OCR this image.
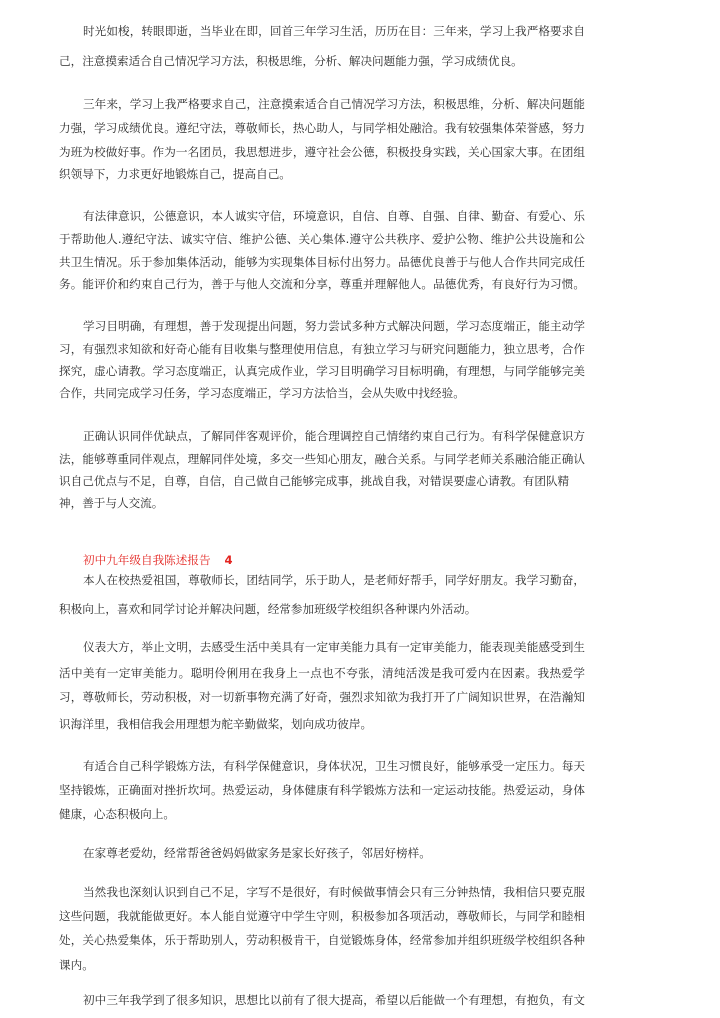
时光如梭，转眼即逝，当毕业在即，回首三年学习生活，历历在目：三年来，学习上我严格要求自
己，注意摸索适合自己情况学习方法，积极思维，分析、解决问题能力强，学习成绩优良。
三年来，学习上我严格要求自己，注意摸索适合自己情况学习方法，积极思维，分析、解决问题能
力强，学习成绩优良。遵纪守法，尊敬师长，热心助人，与同学相处融洽。我有较强集体荣誉感，努力
为班为校做好事。作为一名团员，我思想进步，遵守社会公德，积极投身实践，关心国家大事。在团组
织领导下，力求更好地锻炼自己，提高自己。
有法律意识，公德意识，本人诚实守信，环境意识，自信、自尊、自强、自律、勤奋、有爱心、乐
于帮助他人.遵纪守法、诚实守信、维护公德、关心集体.遵守公共秩序、爱护公物、维护公共设施和公
共卫生情况。乐于参加集体活动，能够为实现集体目标付出努力。品德优良善于与他人合作共同完成任
务。能评价和约束自己行为，善于与他人交流和分享，尊重并理解他人。品德优秀，有良好行为习惯。
学习目明确，有理想，善于发现提出问题，努力尝试多种方式解决问题，学习态度端正，能主动学
习，有强烈求知欲和好奇心能有目收集与整理使用信息，有独立学习与研究问题能力，独立思考，合作
探究，虚心请教。学习态度端正，认真完成作业，学习目明确学习目标明确，有理想，与同学能够完美
合作，共同完成学习任务，学习态度端正，学习方法恰当，会从失败中找经验。
正确认识同伴优缺点，了解同伴客观评价，能合理调控自己情绪约束自己行为。有科学保健意识方
法，能够尊重同伴观点，理解同伴处境，多交一些知心朋友，融合关系。与同学老师关系融洽能正确认
识自己优点与不足，自尊，自信，自己做自己能够完成事，挑战自我，对错误要虚心请教。有团队精
神，善于与人交流。
初中九年级自我陈述报告 4
本人在校热爱祖国，尊敬师长，团结同学，乐于助人，是老师好帮手，同学好朋友。我学习勤奋，
积极向上，喜欢和同学讨论并解决问题，经常参加班级学校组织各种课内外活动。
仪表大方，举止文明，去感受生活中美具有一定审美能力具有一定审美能力，能表现美能感受到生
活中美有一定审美能力。聪明伶俐用在我身上一点也不夸张，清纯活泼是我可爱内在因素。我热爱学
习，尊敬师长，劳动积极，对一切新事物充满了好奇，强烈求知欲为我打开了广阔知识世界，在浩瀚知
识海洋里，我相信我会用理想为舵辛勤做桨，划向成功彼岸。
有适合自己科学锻炼方法，有科学保健意识，身体状况，卫生习惯良好，能够承受一定压力。每天
坚持锻炼，正确面对挫折坎坷。热爱运动，身体健康有科学锻炼方法和一定运动技能。热爱运动，身体
健康，心态积极向上。
在家尊老爱幼，经常帮爸爸妈妈做家务是家长好孩子，邻居好榜样。
当然我也深刻认识到自己不足，字写不是很好，有时候做事情会只有三分钟热情，我相信只要克服
这些问题，我就能做更好。本人能自觉遵守中学生守则，积极参加各项活动，尊敬师长，与同学和睦相
处，关心热爱集体，乐于帮助别人，劳动积极肯干，自觉锻炼身体，经常参加并组织班级学校组织各种
课内。
初中三年我学到了很多知识，思想比以前有了很大提高，希望以后能做一个有理想，有抱负，有文
